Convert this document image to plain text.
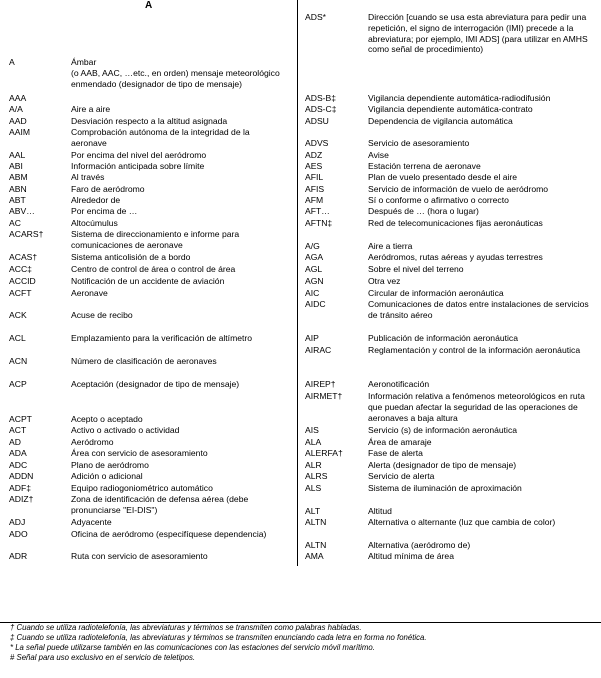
A
A	Ámbar
(o AAB, AAC, …etc., en orden) mensaje meteorológico enmendado (designador de tipo de mensaje)
AAA
A/A	Aire a aire
AAD	Desviación respecto a la altitud asignada
AAIM	Comprobación autónoma de la integridad de la aeronave
AAL	Por encima del nivel del aeródromo
ABI	Información anticipada sobre límite
ABM	Al través
ABN	Faro de aeródromo
ABT	Alrededor de
ABV…	Por encima de …
AC	Altocúmulus
ACARS†	Sistema de direccionamiento e informe para comunicaciones de aeronave
ACAS†	Sistema anticolisión de a bordo
ACC‡	Centro de control de área o control de área
ACCID	Notificación de un accidente de aviación
ACFT	Aeronave
ACK	Acuse de recibo
ACL	Emplazamiento para la verificación de altímetro
ACN	Número de clasificación de aeronaves
ACP	Aceptación (designador de tipo de mensaje)
ACPT	Acepto o aceptado
ACT	Activo o activado o actividad
AD	Aeródromo
ADA	Área con servicio de asesoramiento
ADC	Plano de aeródromo
ADDN	Adición o adicional
ADF‡	Equipo radiogoniométrico automático
ADIZ†	Zona de identificación de defensa aérea (debe pronunciarse "EI-DIS")
ADJ	Adyacente
ADO	Oficina de aeródromo (especifíquese dependencia)
ADR	Ruta con servicio de asesoramiento
ADS*	Dirección [cuando se usa esta abreviatura para pedir una repetición, el signo de interrogación (IMI) precede a la abreviatura; por ejemplo, IMI ADS] (para utilizar en AMHS como señal de procedimiento)
ADS-B‡	Vigilancia dependiente automática-radiodifusión
ADS-C‡	Vigilancia dependiente automática-contrato
ADSU	Dependencia de vigilancia automática
ADVS	Servicio de asesoramiento
ADZ	Avise
AES	Estación terrena de aeronave
AFIL	Plan de vuelo presentado desde el aire
AFIS	Servicio de información de vuelo de aeródromo
AFM	Sí o conforme o afirmativo o correcto
AFT…	Después de … (hora o lugar)
AFTN‡	Red de telecomunicaciones fijas aeronáuticas
A/G	Aire a tierra
AGA	Aeródromos, rutas aéreas y ayudas terrestres
AGL	Sobre el nivel del terreno
AGN	Otra vez
AIC	Circular de información aeronáutica
AIDC	Comunicaciones de datos entre instalaciones de servicios de tránsito aéreo
AIP	Publicación de información aeronáutica
AIRAC	Reglamentación y control de la información aeronáutica
AIREP†	Aeronotificación
AIRMET†	Información relativa a fenómenos meteorológicos en ruta que puedan afectar la seguridad de las operaciones de aeronaves a baja altura
AIS	Servicio (s) de información aeronáutica
ALA	Área de amaraje
ALERFA†	Fase de alerta
ALR	Alerta (designador de tipo de mensaje)
ALRS	Servicio de alerta
ALS	Sistema de iluminación de aproximación
ALT	Altitud
ALTN	Alternativa o alternante (luz que cambia de color)
ALTN	Alternativa (aeródromo de)
AMA	Altitud mínima de área
† Cuando se utiliza radiotelefonía, las abreviaturas y términos se transmiten como palabras habladas.
‡ Cuando se utiliza radiotelefonía, las abreviaturas y términos se transmiten enunciando cada letra en forma no fonética.
* La señal puede utilizarse también en las comunicaciones con las estaciones del servicio móvil marítimo.
# Señal para uso exclusivo en el servicio de teletipos.
